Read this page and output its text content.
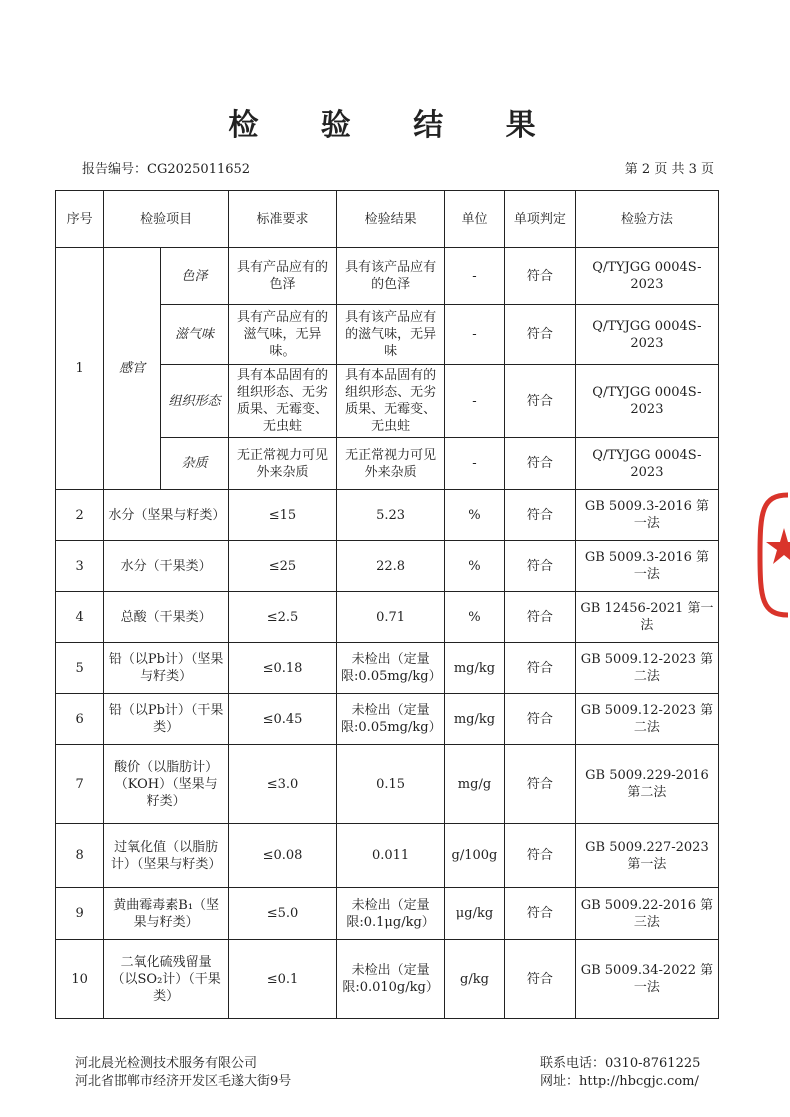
检 验 结 果
报告编号：CG2025011652	第 2 页 共 3 页
序号	检验项目		标准要求	检验结果	单位	单项判定	检验方法
1	感官	色泽	具有产品应有的色泽	具有该产品应有的色泽	-	符合	Q/TYJGG 0004S-2023
		滋气味	具有产品应有的滋气味，无异味。	具有该产品应有的滋气味，无异味	-	符合	Q/TYJGG 0004S-2023
		组织形态	具有本品固有的组织形态、无劣质果、无霉变、无虫蛀	具有本品固有的组织形态、无劣质果、无霉变、无虫蛀	-	符合	Q/TYJGG 0004S-2023
		杂质	无正常视力可见外来杂质	无正常视力可见外来杂质	-	符合	Q/TYJGG 0004S-2023
2	水分（坚果与籽类）		≤15	5.23	%	符合	GB 5009.3-2016 第一法
3	水分（干果类）		≤25	22.8	%	符合	GB 5009.3-2016 第一法
4	总酸（干果类）		≤2.5	0.71	%	符合	GB 12456-2021 第一法
5	铅（以Pb计）（坚果与籽类）		≤0.18	未检出（定量限:0.05mg/kg）	mg/kg	符合	GB 5009.12-2023 第二法
6	铅（以Pb计）（干果类）		≤0.45	未检出（定量限:0.05mg/kg）	mg/kg	符合	GB 5009.12-2023 第二法
7	酸价（以脂肪计）（KOH）（坚果与籽类）		≤3.0	0.15	mg/g	符合	GB 5009.229-2016 第二法
8	过氧化值（以脂肪计）（坚果与籽类）		≤0.08	0.011	g/100g	符合	GB 5009.227-2023 第一法
9	黄曲霉毒素B₁（坚果与籽类）		≤5.0	未检出（定量限:0.1μg/kg）	μg/kg	符合	GB 5009.22-2016 第三法
10	二氧化硫残留量（以SO₂计）（干果类）		≤0.1	未检出（定量限:0.010g/kg）	g/kg	符合	GB 5009.34-2022 第一法
河北晨光检测技术服务有限公司
河北省邯郸市经济开发区毛遂大街9号
联系电话：0310-8761225
网址：http://hbcgjc.com/
